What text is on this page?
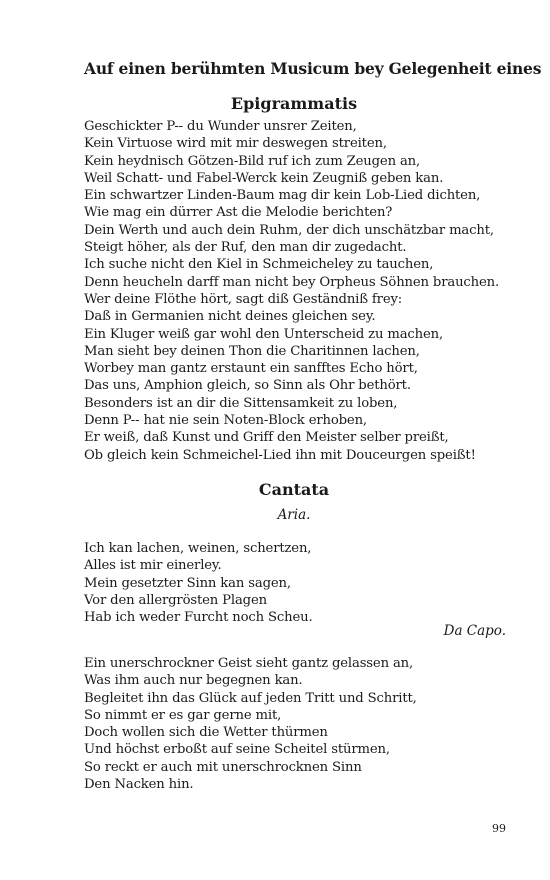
Auf einen berühmten Musicum bey Gelegenheit eines
Epigrammatis
Geschickter P-- du Wunder unsrer Zeiten,
Kein Virtuose wird mit mir deswegen streiten,
Kein heydnisch Götzen-Bild ruf ich zum Zeugen an,
Weil Schatt- und Fabel-Werck kein Zeugniß geben kan.
Ein schwartzer Linden-Baum mag dir kein Lob-Lied dichten,
Wie mag ein dürrer Ast die Melodie berichten?
Dein Werth und auch dein Ruhm, der dich unschätzbar macht,
Steigt höher, als der Ruf, den man dir zugedacht.
Ich suche nicht den Kiel in Schmeicheley zu tauchen,
Denn heucheln darff man nicht bey Orpheus Söhnen brauchen.
Wer deine Flöthe hört, sagt diß Geständniß frey:
Daß in Germanien nicht deines gleichen sey.
Ein Kluger weiß gar wohl den Unterscheid zu machen,
Man sieht bey deinen Thon die Charitinnen lachen,
Worbey man gantz erstaunt ein sanfftes Echo hört,
Das uns, Amphion gleich, so Sinn als Ohr bethört.
Besonders ist an dir die Sittensamkeit zu loben,
Denn P-- hat nie sein Noten-Block erhoben,
Er weiß, daß Kunst und Griff den Meister selber preißt,
Ob gleich kein Schmeichel-Lied ihn mit Douceurgen speißt!
Cantata
Aria.
Ich kan lachen, weinen, schertzen,
Alles ist mir einerley.
Mein gesetzter Sinn kan sagen,
Vor den allergrösten Plagen
Hab ich weder Furcht noch Scheu.
Da Capo.
Ein unerschrockner Geist sieht gantz gelassen an,
Was ihm auch nur begegnen kan.
Begleitet ihn das Glück auf jeden Tritt und Schritt,
So nimmt er es gar gerne mit,
Doch wollen sich die Wetter thürmen
Und höchst erboßt auf seine Scheitel stürmen,
So reckt er auch mit unerschrocknen Sinn
Den Nacken hin.
99
